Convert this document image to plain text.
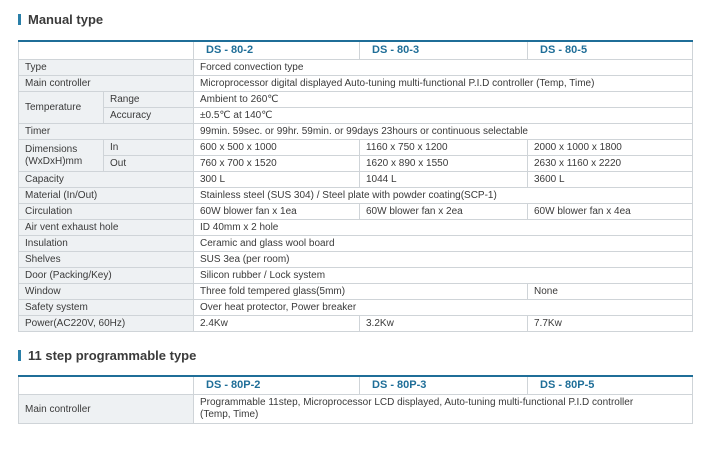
Manual type
		DS - 80-2	DS - 80-3	DS - 80-5
Type		Forced convection type		
Main controller		Microprocessor digital displayed Auto-tuning multi-functional P.I.D controller (Temp, Time)		
Temperature	Range	Ambient to 260℃		
	Accuracy	±0.5℃ at 140℃		
Timer		99min. 59sec. or 99hr. 59min. or 99days 23hours or continuous selectable		
Dimensions (WxDxH)mm	In	600 x 500 x 1000	1160 x 750 x 1200	2000 x 1000 x 1800
	Out	760 x 700 x 1520	1620 x 890 x 1550	2630 x 1160 x 2220
Capacity		300 L	1044 L	3600 L
Material (In/Out)		Stainless steel (SUS 304) / Steel plate with powder coating(SCP-1)		
Circulation		60W blower fan x 1ea	60W blower fan x 2ea	60W blower fan x 4ea
Air vent exhaust hole		ID 40mm x 2 hole		
Insulation		Ceramic and glass wool board		
Shelves		SUS 3ea (per room)		
Door (Packing/Key)		Silicon rubber / Lock system		
Window		Three fold tempered glass(5mm)		None
Safety system		Over heat protector, Power breaker		
Power(AC220V, 60Hz)		2.4Kw	3.2Kw	7.7Kw
11 step programmable type
	DS - 80P-2	DS - 80P-3	DS - 80P-5
Main controller	Programmable 11step, Microprocessor LCD displayed, Auto-tuning multi-functional P.I.D controller (Temp, Time)		
